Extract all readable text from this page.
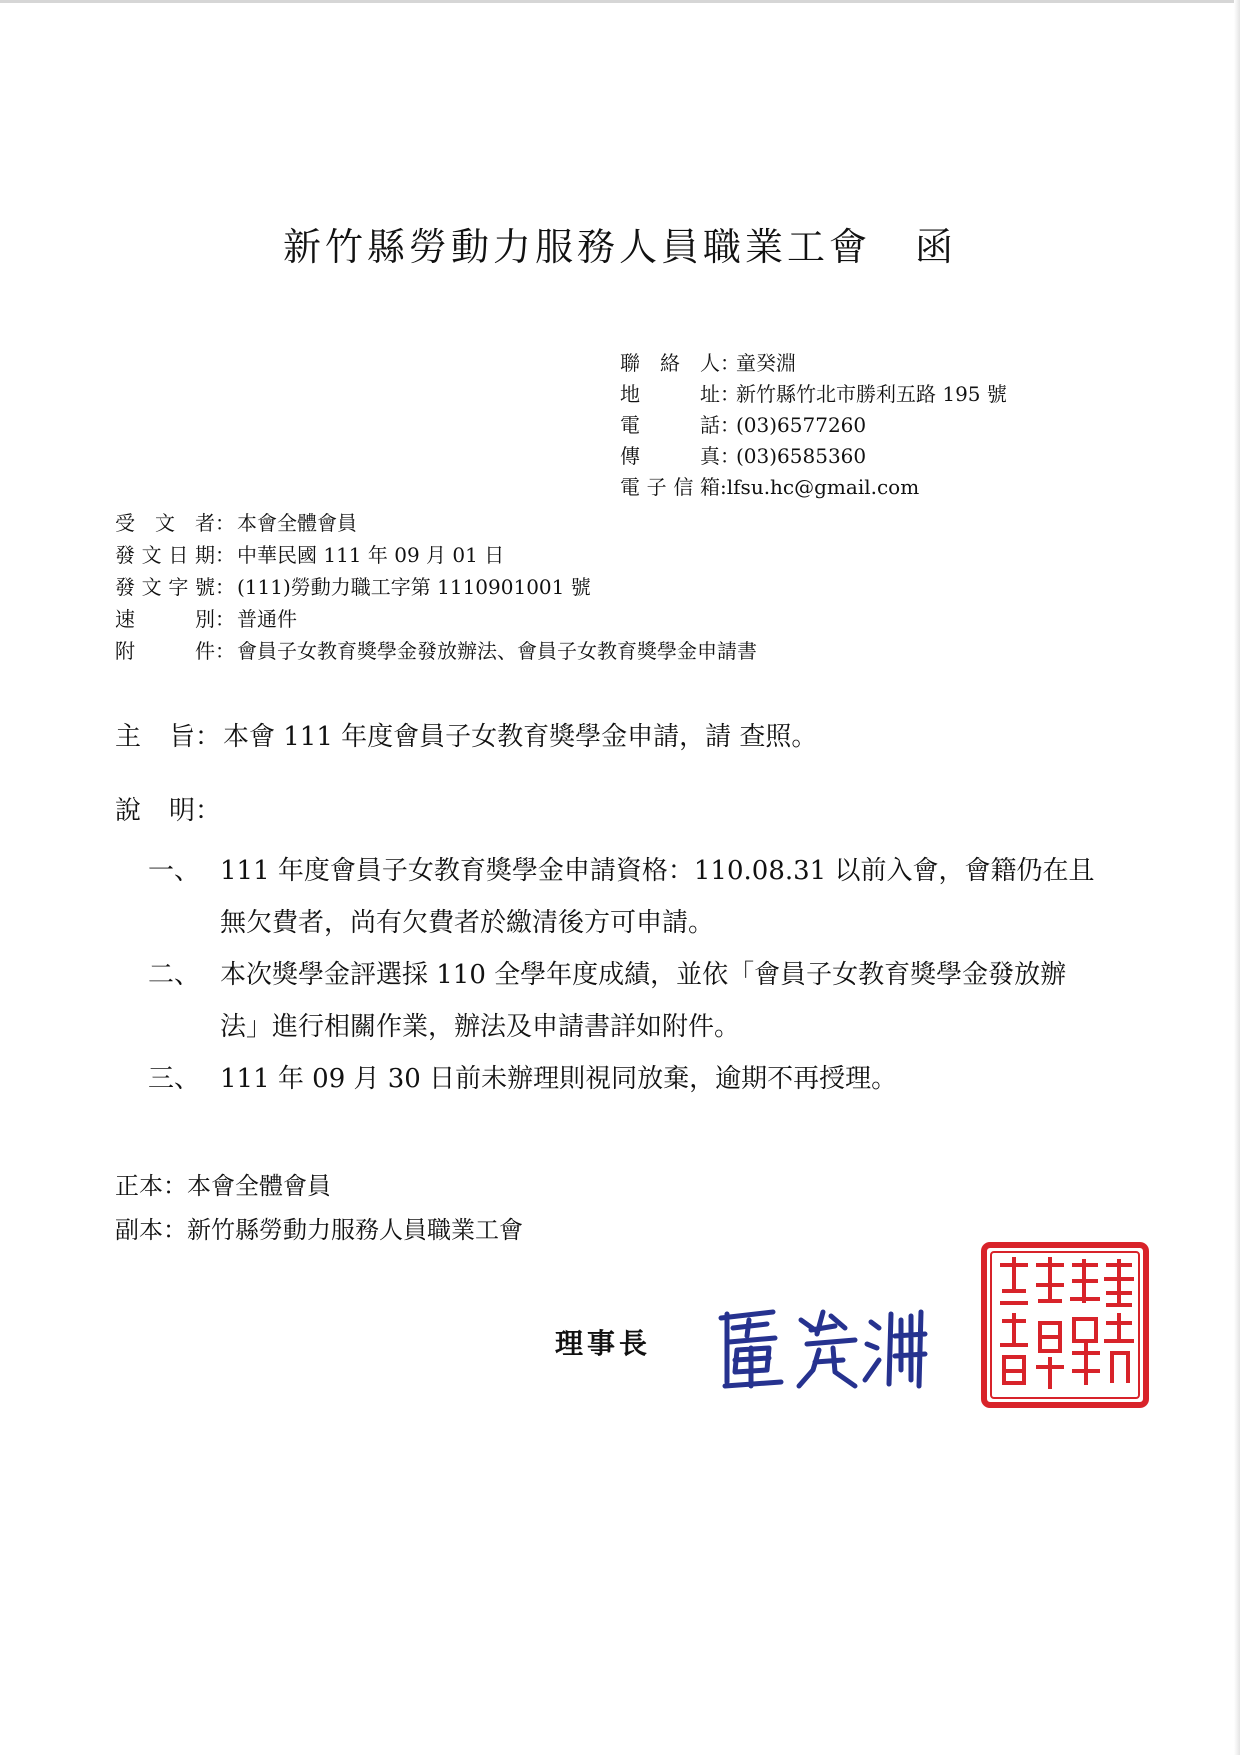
新竹縣勞動力服務人員職業工會 函
聯絡人 ：
童癸淵
地址 ：
新竹縣竹北市勝利五路 195 號
電話 ：
(03)6577260
傳真 ：
(03)6585360
電子信箱 : lfsu.hc@gmail.com
受文者 ： 本會全體會員
發文日期 ： 中華民國 111 年 09 月 01 日
發文字號 ： (111)勞動力職工字第 1110901001 號
速別 ： 普通件
附件 ： 會員子女教育獎學金發放辦法、會員子女教育獎學金申請書
主旨 ： 本會 111 年度會員子女教育獎學金申請，請 查照。
說明 ：
一、 111 年度會員子女教育獎學金申請資格：110.08.31 以前入會，會籍仍在且無欠費者，尚有欠費者於繳清後方可申請。
二、 本次獎學金評選採 110 全學年度成績，並依「會員子女教育獎學金發放辦法」進行相關作業，辦法及申請書詳如附件。
三、 111 年 09 月 30 日前未辦理則視同放棄，逾期不再授理。
正本：本會全體會員
副本：新竹縣勞動力服務人員職業工會
理事長
